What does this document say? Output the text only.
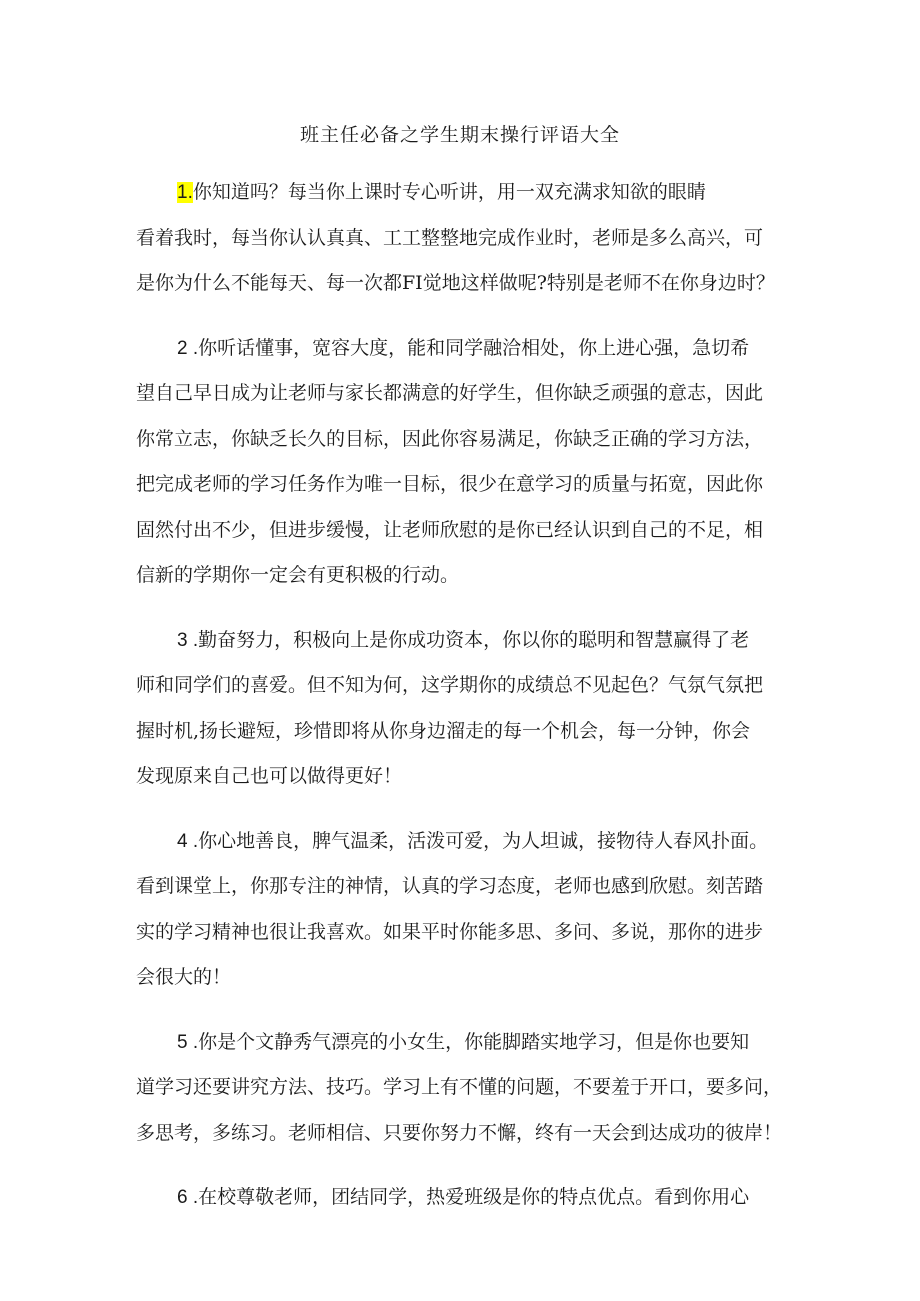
班主任必备之学生期末操行评语大全

1.你知道吗？每当你上课时专心听讲，用一双充满求知欲的眼睛
看着我时，每当你认认真真、工工整整地完成作业时，老师是多么高兴，可
是你为什么不能每天、每一次都FI觉地这样做呢?特别是老师不在你身边时？

2 .你听话懂事，宽容大度，能和同学融洽相处，你上进心强，急切希
望自己早日成为让老师与家长都满意的好学生，但你缺乏顽强的意志，因此
你常立志，你缺乏长久的目标，因此你容易满足，你缺乏正确的学习方法，
把完成老师的学习任务作为唯一目标，很少在意学习的质量与拓宽，因此你
固然付出不少，但进步缓慢，让老师欣慰的是你已经认识到自己的不足，相
信新的学期你一定会有更积极的行动。

3 .勤奋努力，积极向上是你成功资本，你以你的聪明和智慧赢得了老
师和同学们的喜爱。但不知为何，这学期你的成绩总不见起色？气氛气氛把
握时机,扬长避短，珍惜即将从你身边溜走的每一个机会，每一分钟，你会
发现原来自己也可以做得更好！

4 .你心地善良，脾气温柔，活泼可爱，为人坦诚，接物待人春风扑面。
看到课堂上，你那专注的神情，认真的学习态度，老师也感到欣慰。刻苦踏
实的学习精神也很让我喜欢。如果平时你能多思、多问、多说，那你的进步
会很大的！

5 .你是个文静秀气漂亮的小女生，你能脚踏实地学习，但是你也要知
道学习还要讲究方法、技巧。学习上有不懂的问题，不要羞于开口，要多问，
多思考，多练习。老师相信、只要你努力不懈，终有一天会到达成功的彼岸！

6 .在校尊敬老师，团结同学，热爱班级是你的特点优点。看到你用心
